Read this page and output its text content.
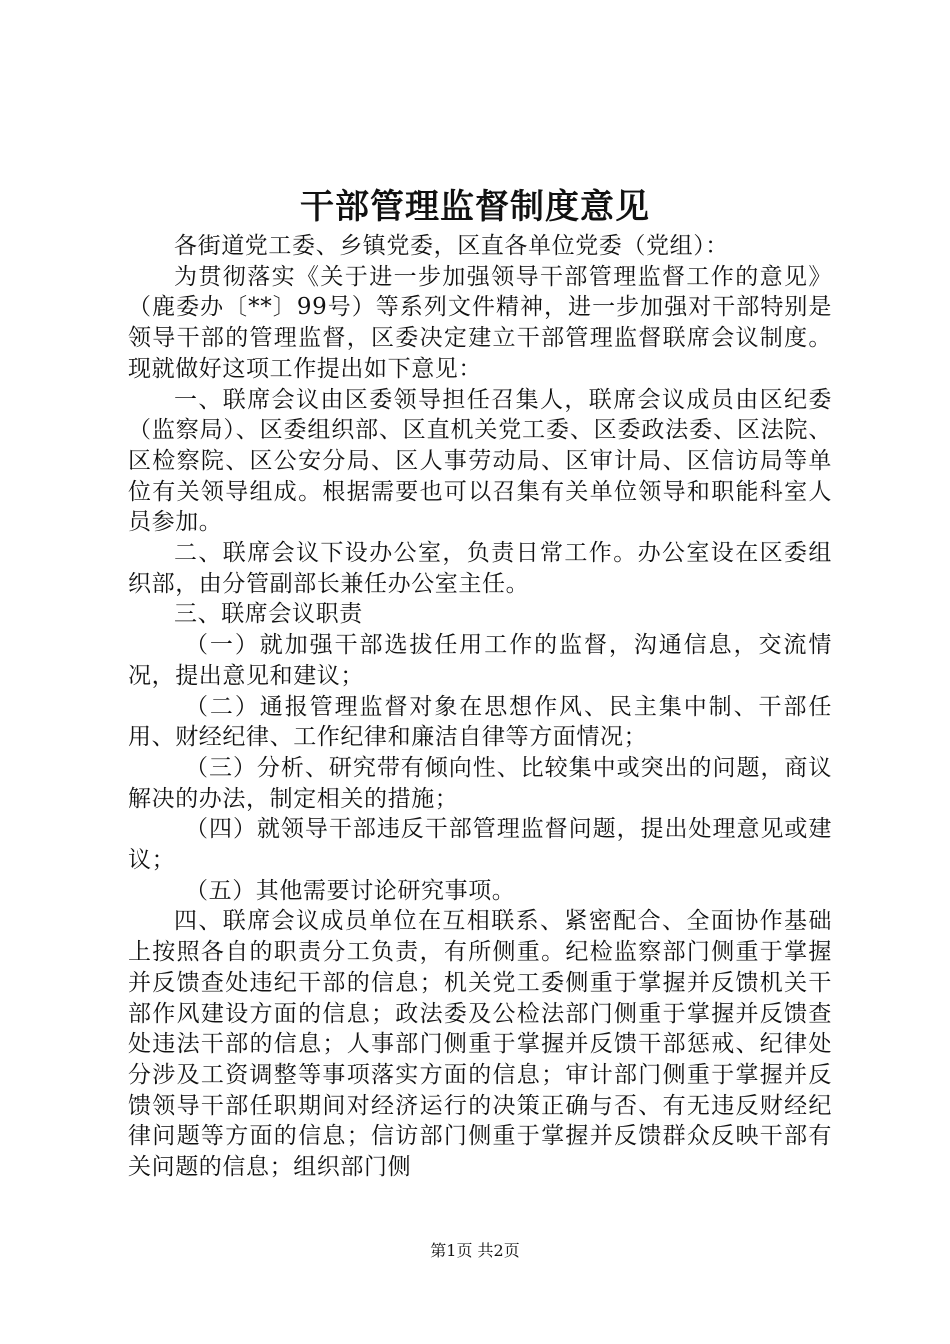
干部管理监督制度意见

各街道党工委、乡镇党委，区直各单位党委（党组）：

为贯彻落实《关于进一步加强领导干部管理监督工作的意见》（鹿委办〔**〕99号）等系列文件精神，进一步加强对干部特别是领导干部的管理监督，区委决定建立干部管理监督联席会议制度。现就做好这项工作提出如下意见：

一、联席会议由区委领导担任召集人，联席会议成员由区纪委（监察局）、区委组织部、区直机关党工委、区委政法委、区法院、区检察院、区公安分局、区人事劳动局、区审计局、区信访局等单位有关领导组成。根据需要也可以召集有关单位领导和职能科室人员参加。

二、联席会议下设办公室，负责日常工作。办公室设在区委组织部，由分管副部长兼任办公室主任。

三、联席会议职责

（一）就加强干部选拔任用工作的监督，沟通信息，交流情况，提出意见和建议；

（二）通报管理监督对象在思想作风、民主集中制、干部任用、财经纪律、工作纪律和廉洁自律等方面情况；

（三）分析、研究带有倾向性、比较集中或突出的问题，商议解决的办法，制定相关的措施；

（四）就领导干部违反干部管理监督问题，提出处理意见或建议；

（五）其他需要讨论研究事项。

四、联席会议成员单位在互相联系、紧密配合、全面协作基础上按照各自的职责分工负责，有所侧重。纪检监察部门侧重于掌握并反馈查处违纪干部的信息；机关党工委侧重于掌握并反馈机关干部作风建设方面的信息；政法委及公检法部门侧重于掌握并反馈查处违法干部的信息；人事部门侧重于掌握并反馈干部惩戒、纪律处分涉及工资调整等事项落实方面的信息；审计部门侧重于掌握并反馈领导干部任职期间对经济运行的决策正确与否、有无违反财经纪律问题等方面的信息；信访部门侧重于掌握并反馈群众反映干部有关问题的信息；组织部门侧

第1页 共2页
